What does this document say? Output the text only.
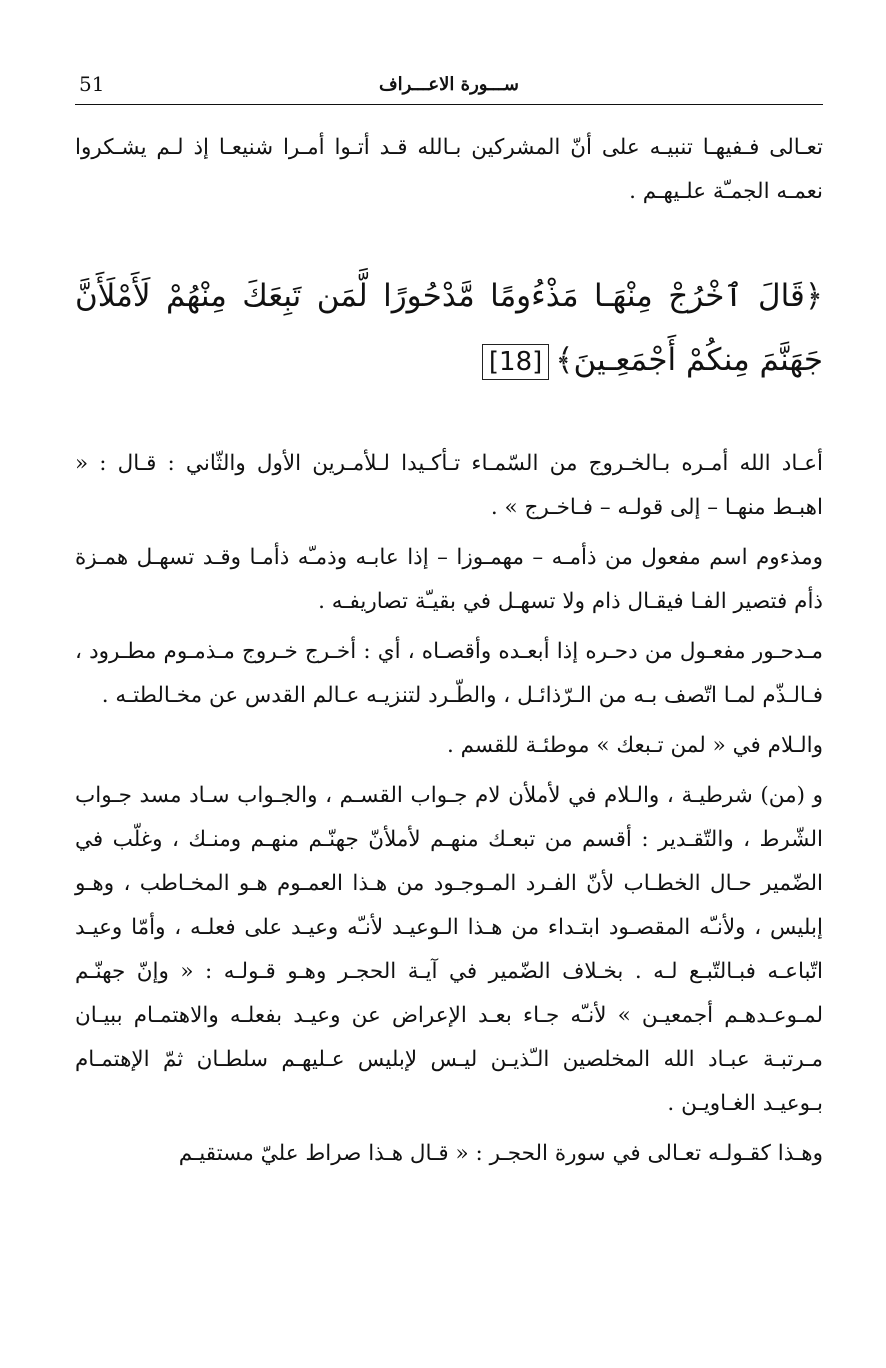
51	ســـورة الاعـــراف

تعـالى فـفيهـا تنبيـه على أنّ المشركين بـالله قـد أتـوا أمـرا شنيعـا إذ لـم يشـكروا نعمـه الجمـّة علـيهـم .

﴿قَالَ ٱخْرُجْ مِنْهَـا مَذْءُومًا مَّدْحُورًا لَّمَن تَبِعَكَ مِنْهُمْ لَأَمْلَأَنَّ جَهَنَّمَ مِنكُمْ أَجْمَعِـينَ﴾[18]

أعـاد الله أمـره بـالخـروج من السّمـاء تـأكـيدا لـلأمـرين الأول والثّاني : قـال : « اهبـط منهـا – إلى قولـه – فـاخـرج » .

ومذءوم اسم مفعول من ذأمـه – مهمـوزا – إذا عابـه وذمـّه ذأمـا وقـد تسهـل همـزة ذأم فتصير الفـا فيقـال ذام ولا تسهـل في بقيـّة تصاريفـه .

مـدحـور مفعـول من دحـره إذا أبعـده وأقصـاه ، أي : أخـرج خـروج مـذمـوم مطـرود ، فـالـذّم لمـا اتّصف بـه من الـرّذائـل ، والطّـرد لتنزيـه عـالم القدس عن مخـالطتـه .

والـلام في « لمن تـبعك » موطئـة للقسم .

و (من) شرطيـة ، والـلام في لأملأن لام جـواب القسـم ، والجـواب سـاد مسد جـواب الشّرط ، والتّقـدير : أقسم من تبعـك منهـم لأملأنّ جهنّـم منهـم ومنـك ، وغلّب في الضّمير حـال الخطـاب لأنّ الفـرد المـوجـود من هـذا العمـوم هـو المخـاطب ، وهـو إبليس ، ولأنـّه المقصـود ابتـداء من هـذا الـوعيـد لأنـّه وعيـد على فعلـه ، وأمّا وعيـد اتّباعـه فبـالتّبـع لـه . بخـلاف الضّمير في آيـة الحجـر وهـو قـولـه : « وإنّ جهنّـم لمـوعـدهـم أجمعيـن » لأنـّه جـاء بعـد الإعراض عن وعيـد بفعلـه والاهتمـام ببيـان مـرتبـة عبـاد الله المخلصين الـّذيـن ليـس لإبليس عـليهـم سلطـان ثمّ الإهتمـام بـوعيـد الغـاويـن .

وهـذا كقـولـه تعـالى في سورة الحجـر : « قـال هـذا صراط عليّ مستقيـم
